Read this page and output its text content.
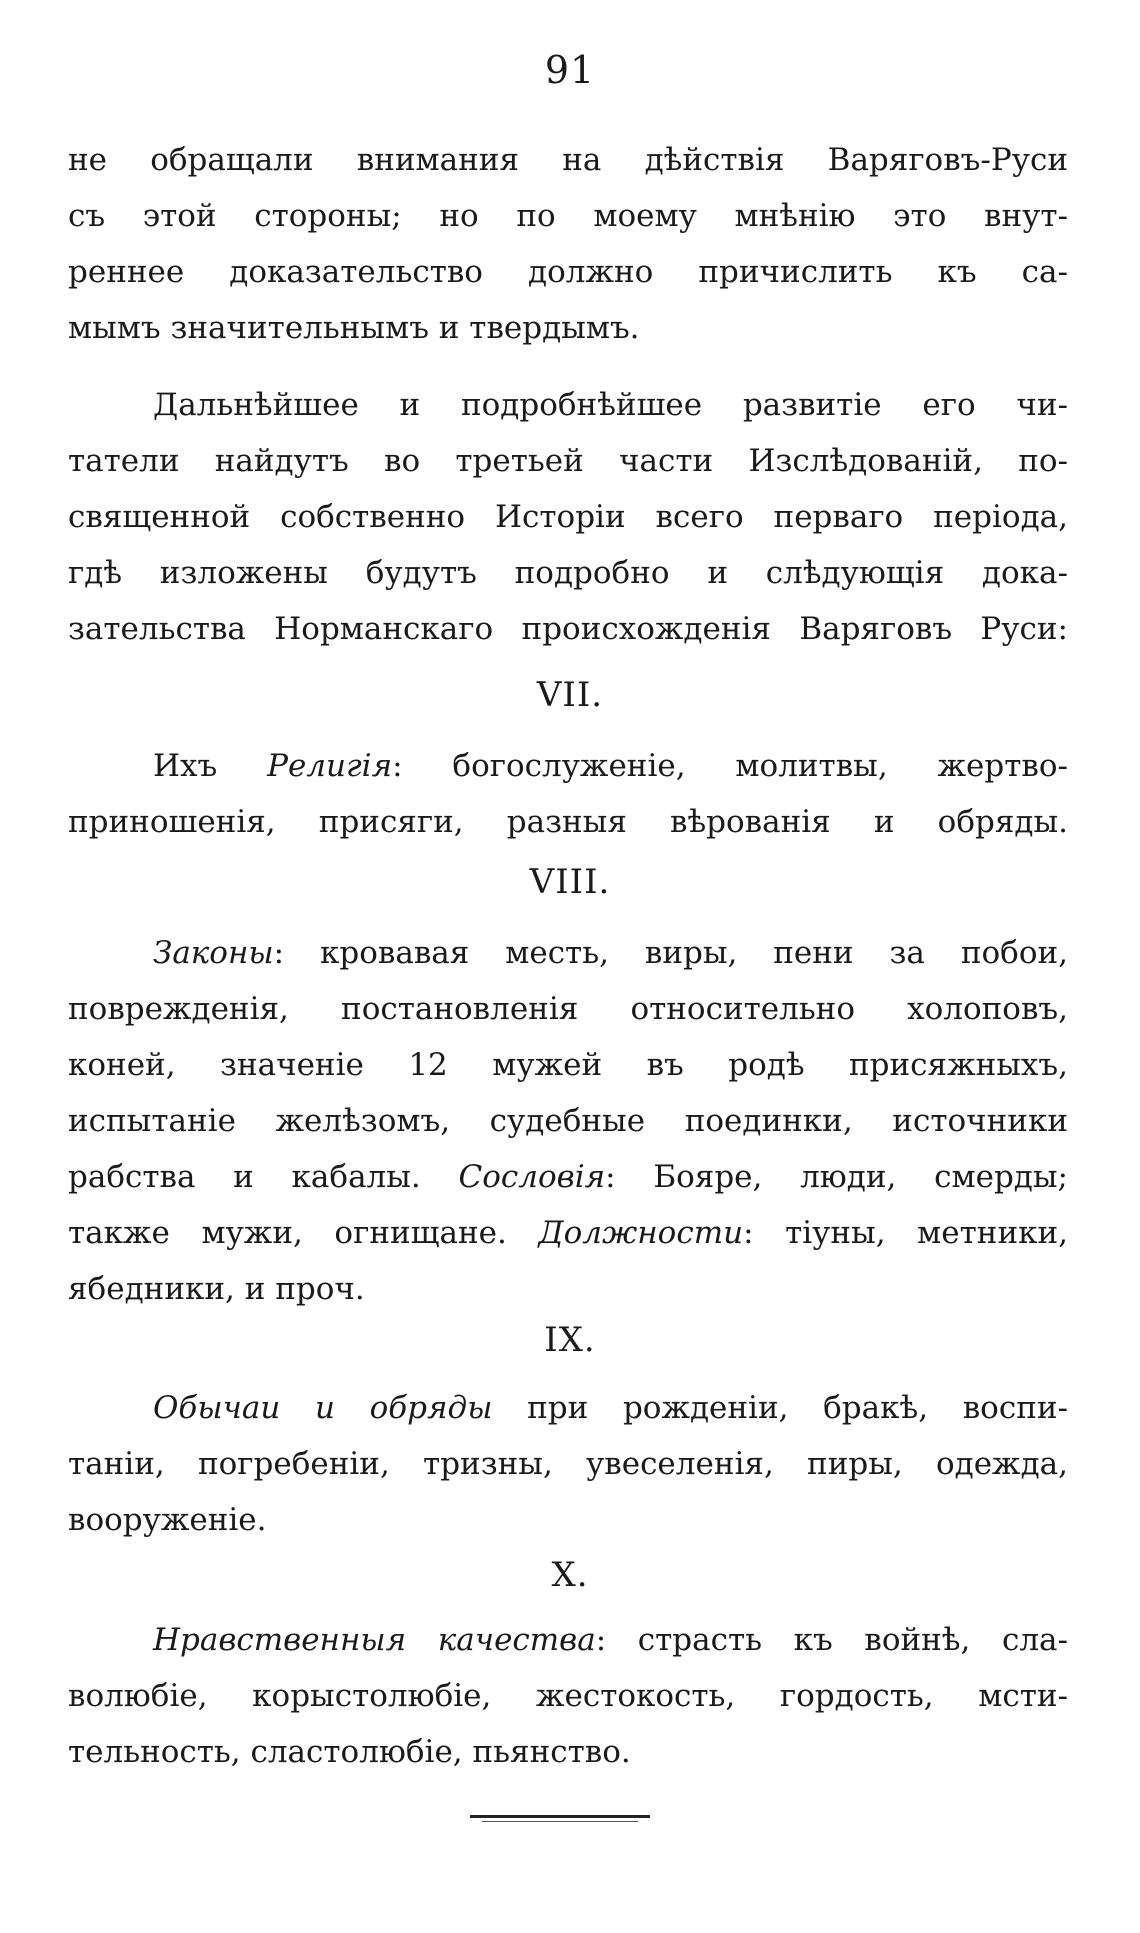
91
не обращали внимания на дѣйствія Варяговъ-Руси
съ этой стороны; но по моему мнѣнію это внут-
реннее доказательство должно причислить къ са-
мымъ значительнымъ и твердымъ.
Дальнѣйшее и подробнѣйшее развитіе его чи-
татели найдутъ во третьей части Изслѣдованій, по-
священной собственно Исторіи всего перваго періода,
гдѣ изложены будутъ подробно и слѣдующія дока-
зательства Норманскаго происхожденія Варяговъ Руси:
VII.
Ихъ Религія: богослуженіе, молитвы, жертво-
приношенія, присяги, разныя вѣрованія и обряды.
VIII.
Законы: кровавая месть, виры, пени за побои,
поврежденія, постановленія относительно холоповъ,
коней, значеніе 12 мужей въ родѣ присяжныхъ,
испытаніе желѣзомъ, судебные поединки, источники
рабства и кабалы. Сословія: Бояре, люди, смерды;
также мужи, огнищане. Должности: тіуны, метники,
ябедники, и проч.
IX.
Обычаи и обряды при рожденіи, бракѣ, воспи-
таніи, погребеніи, тризны, увеселенія, пиры, одежда,
вооруженіе.
X.
Нравственныя качества: страсть къ войнѣ, сла-
волюбіе, корыстолюбіе, жестокость, гордость, мсти-
тельность, сластолюбіе, пьянство.
